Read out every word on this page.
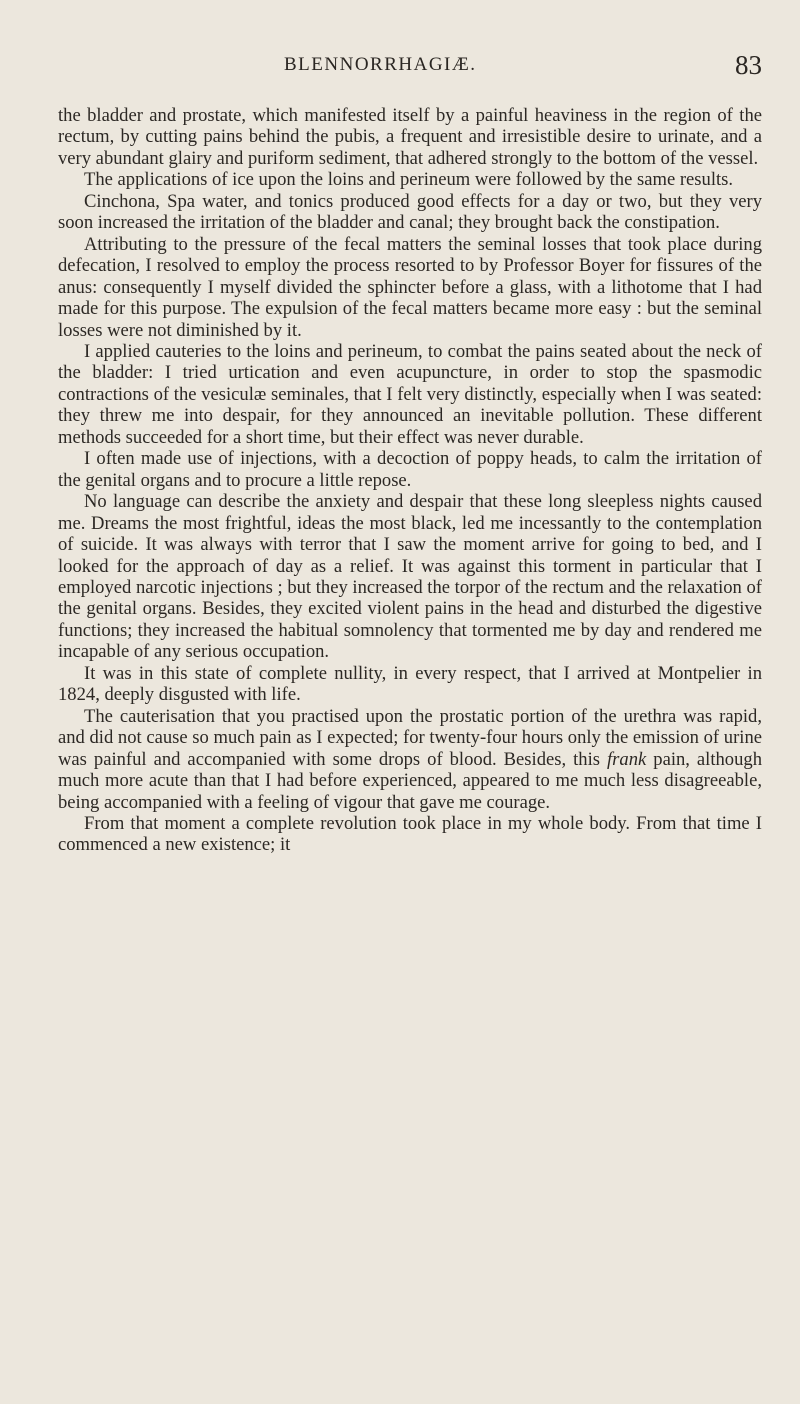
BLENNORRHAGIÆ.	83

the bladder and prostate, which manifested itself by a painful heaviness in the region of the rectum, by cutting pains behind the pubis, a frequent and irresistible desire to urinate, and a very abundant glairy and puriform sediment, that adhered strongly to the bottom of the vessel.

The applications of ice upon the loins and perineum were followed by the same results.

Cinchona, Spa water, and tonics produced good effects for a day or two, but they very soon increased the irritation of the bladder and canal; they brought back the constipation.

Attributing to the pressure of the fecal matters the seminal losses that took place during defecation, I resolved to employ the process resorted to by Professor Boyer for fissures of the anus: consequently I myself divided the sphincter before a glass, with a lithotome that I had made for this purpose. The expulsion of the fecal matters became more easy : but the seminal losses were not diminished by it.

I applied cauteries to the loins and perineum, to combat the pains seated about the neck of the bladder: I tried urtication and even acupuncture, in order to stop the spasmodic contractions of the vesiculæ seminales, that I felt very distinctly, especially when I was seated: they threw me into despair, for they announced an inevitable pollution. These different methods succeeded for a short time, but their effect was never durable.

I often made use of injections, with a decoction of poppy heads, to calm the irritation of the genital organs and to procure a little repose.

No language can describe the anxiety and despair that these long sleepless nights caused me. Dreams the most frightful, ideas the most black, led me incessantly to the contemplation of suicide. It was always with terror that I saw the moment arrive for going to bed, and I looked for the approach of day as a relief. It was against this torment in particular that I employed narcotic injections ; but they increased the torpor of the rectum and the relaxation of the genital organs. Besides, they excited violent pains in the head and disturbed the digestive functions; they increased the habitual somnolency that tormented me by day and rendered me incapable of any serious occupation.

It was in this state of complete nullity, in every respect, that I arrived at Montpelier in 1824, deeply disgusted with life.

The cauterisation that you practised upon the prostatic portion of the urethra was rapid, and did not cause so much pain as I expected; for twenty-four hours only the emission of urine was painful and accompanied with some drops of blood. Besides, this frank pain, although much more acute than that I had before experienced, appeared to me much less disagreeable, being accompanied with a feeling of vigour that gave me courage.

From that moment a complete revolution took place in my whole body. From that time I commenced a new existence; it
